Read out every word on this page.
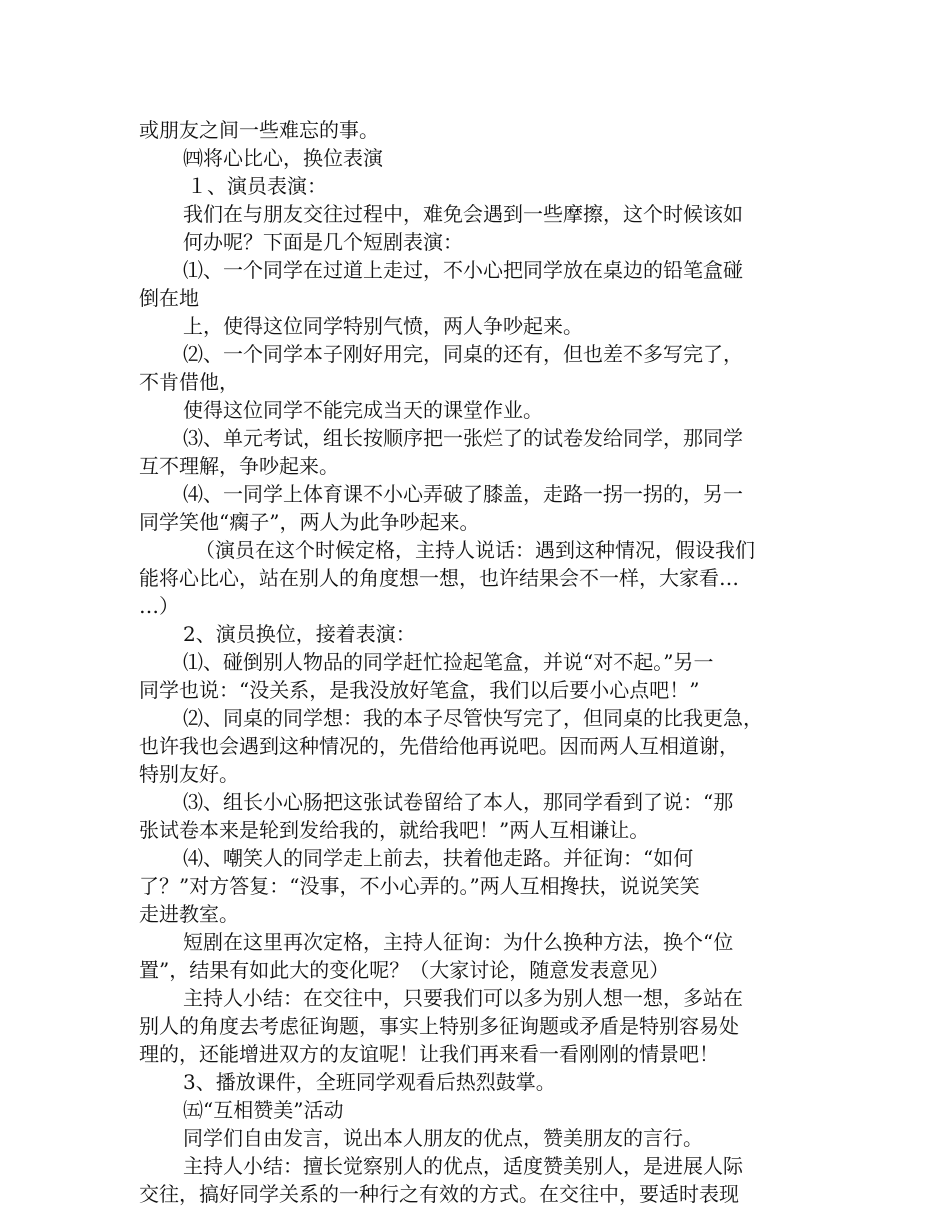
或朋友之间一些难忘的事。
㈣将心比心，换位表演
１、演员表演：
我们在与朋友交往过程中，难免会遇到一些摩擦，这个时候该如
何办呢？下面是几个短剧表演：
⑴、一个同学在过道上走过，不小心把同学放在桌边的铅笔盒碰
倒在地
上，使得这位同学特别气愤，两人争吵起来。
⑵、一个同学本子刚好用完，同桌的还有，但也差不多写完了，
不肯借他，
使得这位同学不能完成当天的课堂作业。
⑶、单元考试，组长按顺序把一张烂了的试卷发给同学，那同学
互不理解，争吵起来。
⑷、一同学上体育课不小心弄破了膝盖，走路一拐一拐的，另一
同学笑他“瘸子”，两人为此争吵起来。
（演员在这个时候定格，主持人说话：遇到这种情况，假设我们
能将心比心，站在别人的角度想一想，也许结果会不一样，大家看…
…）
2、演员换位，接着表演：
⑴、碰倒别人物品的同学赶忙捡起笔盒，并说“对不起。”另一
同学也说：“没关系，是我没放好笔盒，我们以后要小心点吧！”
⑵、同桌的同学想：我的本子尽管快写完了，但同桌的比我更急，
也许我也会遇到这种情况的，先借给他再说吧。因而两人互相道谢，
特别友好。
⑶、组长小心肠把这张试卷留给了本人，那同学看到了说：“那
张试卷本来是轮到发给我的，就给我吧！”两人互相谦让。
⑷、嘲笑人的同学走上前去，扶着他走路。并征询：“如何
了？”对方答复：“没事，不小心弄的。”两人互相搀扶，说说笑笑
走进教室。
短剧在这里再次定格，主持人征询：为什么换种方法，换个“位
置”，结果有如此大的变化呢？（大家讨论，随意发表意见）
主持人小结：在交往中，只要我们可以多为别人想一想，多站在
别人的角度去考虑征询题，事实上特别多征询题或矛盾是特别容易处
理的，还能增进双方的友谊呢！让我们再来看一看刚刚的情景吧！
3、播放课件，全班同学观看后热烈鼓掌。
㈤“互相赞美”活动
同学们自由发言，说出本人朋友的优点，赞美朋友的言行。
主持人小结：擅长觉察别人的优点，适度赞美别人，是进展人际
交往，搞好同学关系的一种行之有效的方式。在交往中，要适时表现
